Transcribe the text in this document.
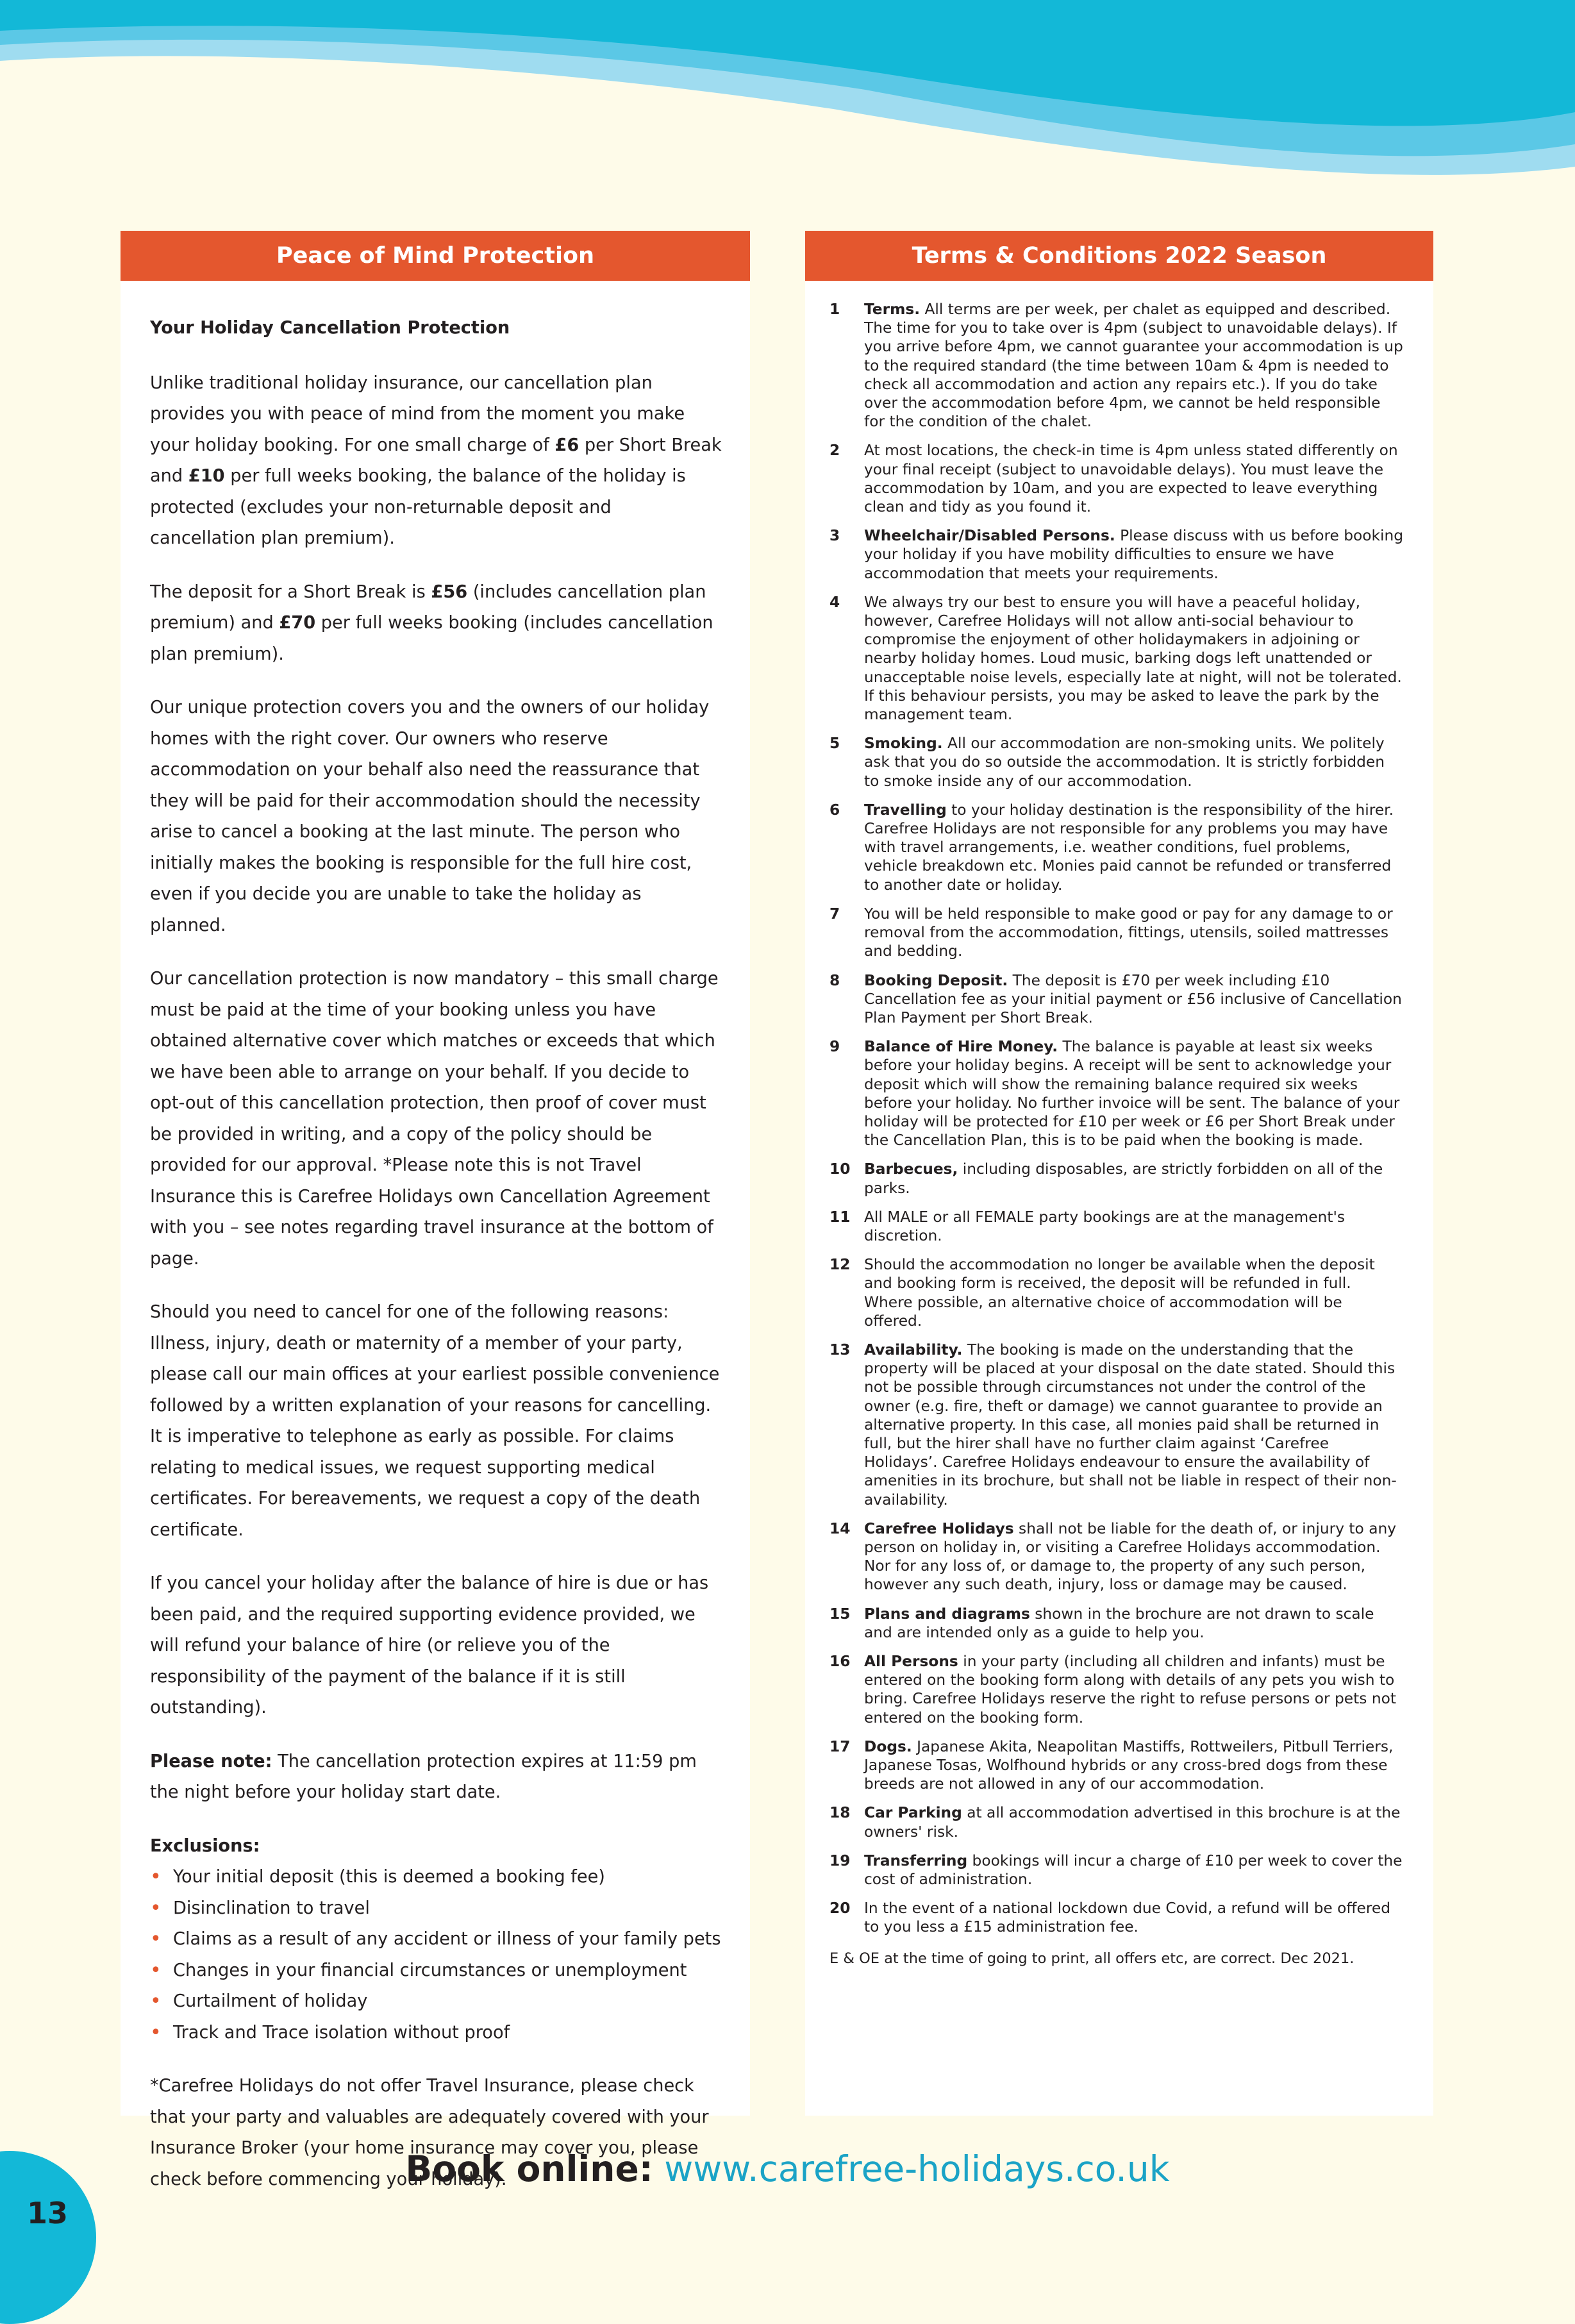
Peace of Mind Protection

Your Holiday Cancellation Protection

Unlike traditional holiday insurance, our cancellation plan provides you with peace of mind from the moment you make your holiday booking. For one small charge of £6 per Short Break and £10 per full weeks booking, the balance of the holiday is protected (excludes your non-returnable deposit and cancellation plan premium).

The deposit for a Short Break is £56 (includes cancellation plan premium) and £70 per full weeks booking (includes cancellation plan premium).

Our unique protection covers you and the owners of our holiday homes with the right cover. Our owners who reserve accommodation on your behalf also need the reassurance that they will be paid for their accommodation should the necessity arise to cancel a booking at the last minute. The person who initially makes the booking is responsible for the full hire cost, even if you decide you are unable to take the holiday as planned.

Our cancellation protection is now mandatory – this small charge must be paid at the time of your booking unless you have obtained alternative cover which matches or exceeds that which we have been able to arrange on your behalf. If you decide to opt-out of this cancellation protection, then proof of cover must be provided in writing, and a copy of the policy should be provided for our approval. *Please note this is not Travel Insurance this is Carefree Holidays own Cancellation Agreement with you – see notes regarding travel insurance at the bottom of page.

Should you need to cancel for one of the following reasons: Illness, injury, death or maternity of a member of your party, please call our main offices at your earliest possible convenience followed by a written explanation of your reasons for cancelling. It is imperative to telephone as early as possible. For claims relating to medical issues, we request supporting medical certificates. For bereavements, we request a copy of the death certificate.

If you cancel your holiday after the balance of hire is due or has been paid, and the required supporting evidence provided, we will refund your balance of hire (or relieve you of the responsibility of the payment of the balance if it is still outstanding).

Please note: The cancellation protection expires at 11:59 pm the night before your holiday start date.

Exclusions:
• Your initial deposit (this is deemed a booking fee)
• Disinclination to travel
• Claims as a result of any accident or illness of your family pets
• Changes in your financial circumstances or unemployment
• Curtailment of holiday
• Track and Trace isolation without proof

*Carefree Holidays do not offer Travel Insurance, please check that your party and valuables are adequately covered with your Insurance Broker (your home insurance may cover you, please check before commencing your holiday).

Terms & Conditions 2022 Season
1	Terms. All terms are per week, per chalet as equipped and described. The time for you to take over is 4pm (subject to unavoidable delays). If you arrive before 4pm, we cannot guarantee your accommodation is up to the required standard (the time between 10am & 4pm is needed to check all accommodation and action any repairs etc.). If you do take over the accommodation before 4pm, we cannot be held responsible for the condition of the chalet.
2	At most locations, the check-in time is 4pm unless stated differently on your final receipt (subject to unavoidable delays). You must leave the accommodation by 10am, and you are expected to leave everything clean and tidy as you found it.
3	Wheelchair/Disabled Persons. Please discuss with us before booking your holiday if you have mobility difficulties to ensure we have accommodation that meets your requirements.
4	We always try our best to ensure you will have a peaceful holiday, however, Carefree Holidays will not allow anti-social behaviour to compromise the enjoyment of other holidaymakers in adjoining or nearby holiday homes. Loud music, barking dogs left unattended or unacceptable noise levels, especially late at night, will not be tolerated. If this behaviour persists, you may be asked to leave the park by the management team.
5	Smoking. All our accommodation are non-smoking units. We politely ask that you do so outside the accommodation. It is strictly forbidden to smoke inside any of our accommodation.
6	Travelling to your holiday destination is the responsibility of the hirer. Carefree Holidays are not responsible for any problems you may have with travel arrangements, i.e. weather conditions, fuel problems, vehicle breakdown etc. Monies paid cannot be refunded or transferred to another date or holiday.
7	You will be held responsible to make good or pay for any damage to or removal from the accommodation, fittings, utensils, soiled mattresses and bedding.
8	Booking Deposit. The deposit is £70 per week including £10 Cancellation fee as your initial payment or £56 inclusive of Cancellation Plan Payment per Short Break.
9	Balance of Hire Money. The balance is payable at least six weeks before your holiday begins. A receipt will be sent to acknowledge your deposit which will show the remaining balance required six weeks before your holiday. No further invoice will be sent. The balance of your holiday will be protected for £10 per week or £6 per Short Break under the Cancellation Plan, this is to be paid when the booking is made.
10 Barbecues, including disposables, are strictly forbidden on all of the parks.
11 All MALE or all FEMALE party bookings are at the management's discretion.
12 Should the accommodation no longer be available when the deposit and booking form is received, the deposit will be refunded in full. Where possible, an alternative choice of accommodation will be offered.
13 Availability. The booking is made on the understanding that the property will be placed at your disposal on the date stated. Should this not be possible through circumstances not under the control of the owner (e.g. fire, theft or damage) we cannot guarantee to provide an alternative property. In this case, all monies paid shall be returned in full, but the hirer shall have no further claim against ‘Carefree Holidays’. Carefree Holidays endeavour to ensure the availability of amenities in its brochure, but shall not be liable in respect of their non-availability.
14 Carefree Holidays shall not be liable for the death of, or injury to any person on holiday in, or visiting a Carefree Holidays accommodation. Nor for any loss of, or damage to, the property of any such person, however any such death, injury, loss or damage may be caused.
15 Plans and diagrams shown in the brochure are not drawn to scale and are intended only as a guide to help you.
16 All Persons in your party (including all children and infants) must be entered on the booking form along with details of any pets you wish to bring. Carefree Holidays reserve the right to refuse persons or pets not entered on the booking form.
17 Dogs. Japanese Akita, Neapolitan Mastiffs, Rottweilers, Pitbull Terriers, Japanese Tosas, Wolfhound hybrids or any cross-bred dogs from these breeds are not allowed in any of our accommodation.
18 Car Parking at all accommodation advertised in this brochure is at the owners' risk.
19 Transferring bookings will incur a charge of £10 per week to cover the cost of administration.
20 In the event of a national lockdown due Covid, a refund will be offered to you less a £15 administration fee.
E & OE at the time of going to print, all offers etc, are correct. Dec 2021.
Book online: www.carefree-holidays.co.uk
13
